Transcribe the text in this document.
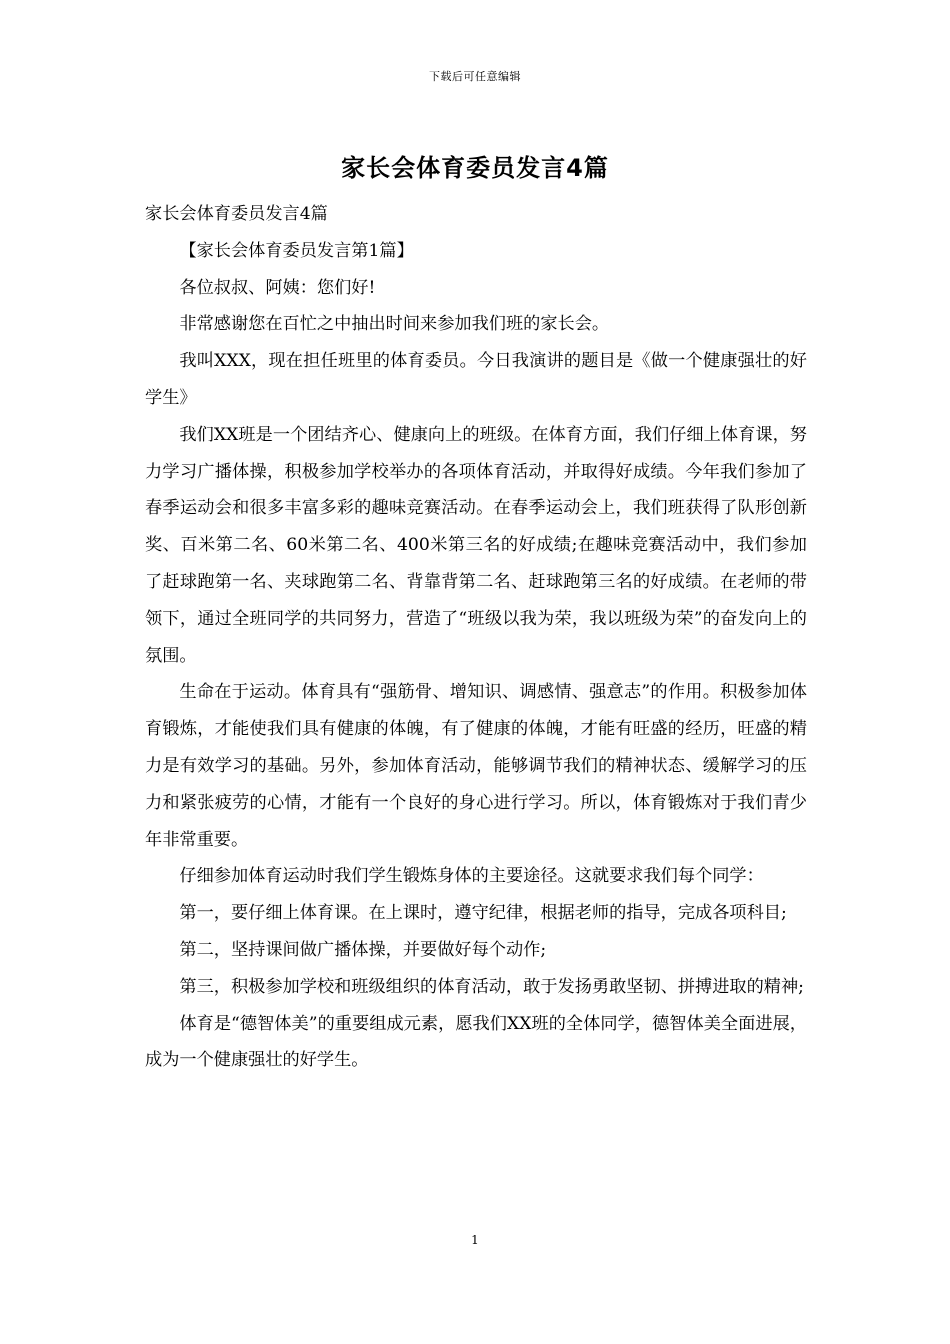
下载后可任意编辑
家长会体育委员发言4篇

家长会体育委员发言4篇

【家长会体育委员发言第1篇】

各位叔叔、阿姨：您们好!

非常感谢您在百忙之中抽出时间来参加我们班的家长会。

我叫XXX，现在担任班里的体育委员。今日我演讲的题目是《做一个健康强壮的好学生》

我们XX班是一个团结齐心、健康向上的班级。在体育方面，我们仔细上体育课，努力学习广播体操，积极参加学校举办的各项体育活动，并取得好成绩。今年我们参加了春季运动会和很多丰富多彩的趣味竞赛活动。在春季运动会上，我们班获得了队形创新奖、百米第二名、60米第二名、400米第三名的好成绩;在趣味竞赛活动中，我们参加了赶球跑第一名、夹球跑第二名、背靠背第二名、赶球跑第三名的好成绩。在老师的带领下，通过全班同学的共同努力，营造了“班级以我为荣，我以班级为荣”的奋发向上的氛围。

生命在于运动。体育具有“强筋骨、增知识、调感情、强意志”的作用。积极参加体育锻炼，才能使我们具有健康的体魄，有了健康的体魄，才能有旺盛的经历，旺盛的精力是有效学习的基础。另外，参加体育活动，能够调节我们的精神状态、缓解学习的压力和紧张疲劳的心情，才能有一个良好的身心进行学习。所以，体育锻炼对于我们青少年非常重要。

仔细参加体育运动时我们学生锻炼身体的主要途径。这就要求我们每个同学：

第一，要仔细上体育课。在上课时，遵守纪律，根据老师的指导，完成各项科目;

第二，坚持课间做广播体操，并要做好每个动作;

第三，积极参加学校和班级组织的体育活动，敢于发扬勇敢坚韧、拼搏进取的精神;

体育是“德智体美”的重要组成元素，愿我们XX班的全体同学，德智体美全面进展，成为一个健康强壮的好学生。

1
